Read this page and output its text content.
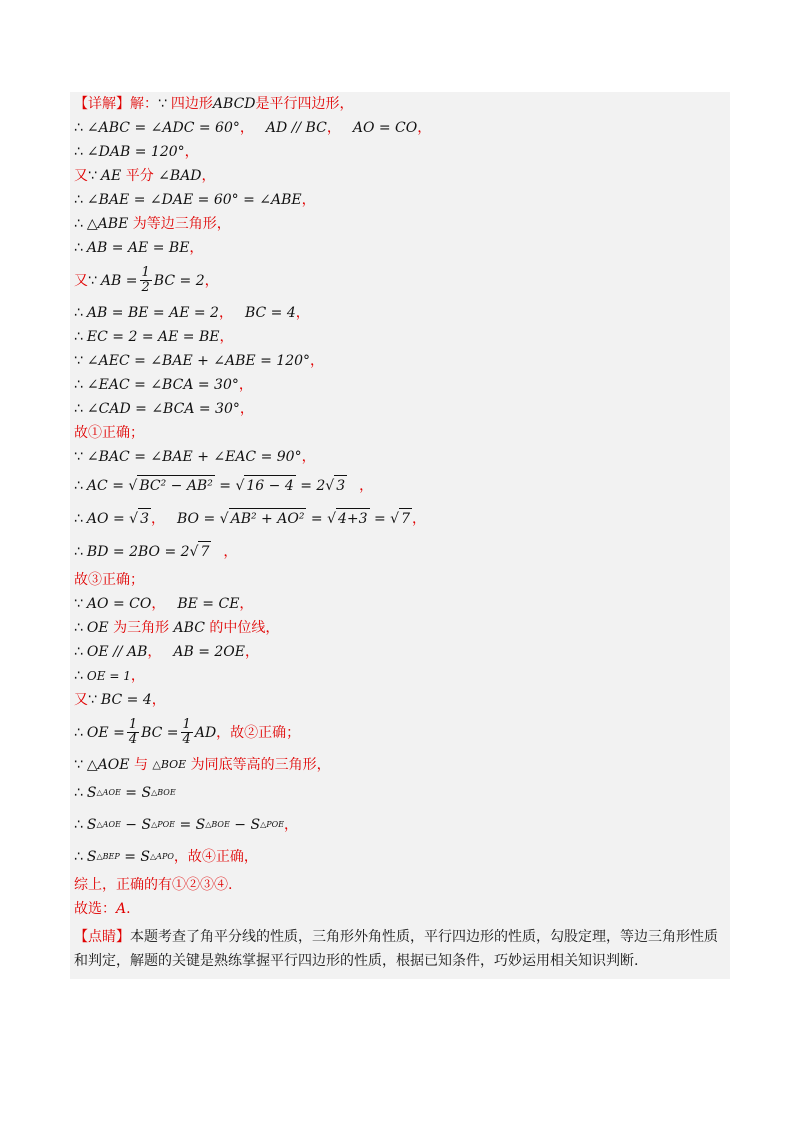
【详解】 解： ∵ 四边形 ABCD 是平行四边形，
∴ ∠ABC = ∠ADC = 60° ， AD // BC ， AO = CO ，
∴ ∠DAB = 120° ，
又 ∵ AE
平分
∠BAD ，
∴ ∠BAE = ∠DAE = 60° = ∠ABE ，
∴ △ABE
为等边三角形，
∴ AB = AE = BE ，
又 ∵ AB = $\frac{1}{2}$ BC = 2 ，
∴ AB = BE = AE = 2 ， BC = 4 ，
∴ EC = 2 = AE = BE ，
∵ ∠AEC = ∠BAE + ∠ABE = 120° ，
∴ ∠EAC = ∠BCA = 30° ，
∴ ∠CAD = ∠BCA = 30° ，
故①正确；
∵ ∠BAC = ∠BAE + ∠EAC = 90° ，
∴ AC = √ BC² − AB²
= √ 16 − 4
= 2 √ 3 ，
∴ AO = √ 3 ， BO = √ AB² + AO²
= √ 4+3
= √ 7 ，
∴ BD = 2BO = 2 √ 7 ，
故③正确；
∵ AO = CO ， BE = CE ，
∴ OE
为三角形
ABC
的中位线，
∴ OE // AB ， AB = 2OE ，
∴ OE = 1 ，
又 ∵ BC = 4 ，
∴ OE = $\frac{1}{4}$ BC = $\frac{1}{4}$ AD ， 故②正确；
∵ △AOE
与
△BOE
为同底等高的三角形，
∴ S △AOE
=
S △BOE
∴ S △AOE
−
S △POE
=
S △BOE
−
S △POE ，
∴ S △BEP
=
S △APO ， 故④正确，
综上，正确的有①②③④.
故选： A .
【点睛】本题考查了角平分线的性质，三角形外角性质，平行四边形的性质，勾股定理，等边三角形性质和判定，解题的关键是熟练掌握平行四边形的性质，根据已知条件，巧妙运用相关知识判断.
